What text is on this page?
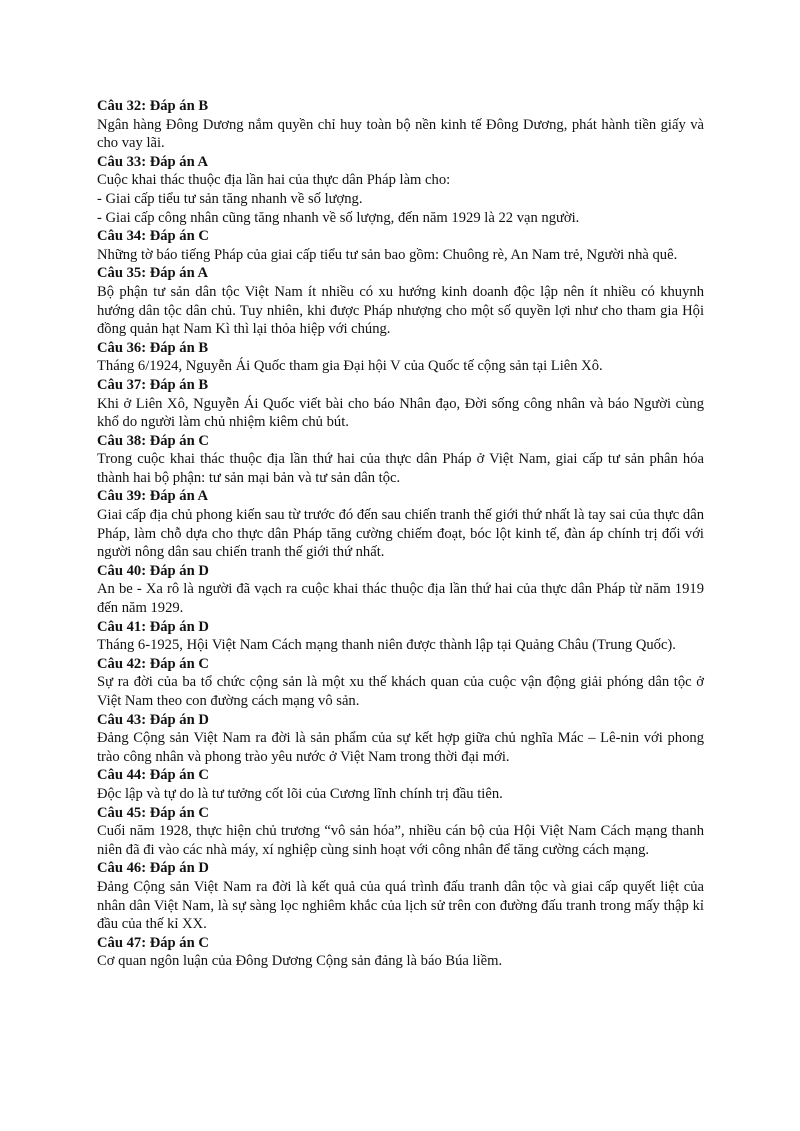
Câu 32: Đáp án B

Ngân hàng Đông Dương nắm quyền chỉ huy toàn bộ nền kinh tế Đông Dương, phát hành tiền giấy và cho vay lãi.

Câu 33: Đáp án A

Cuộc khai thác thuộc địa lần hai của thực dân Pháp làm cho:

- Giai cấp tiểu tư sản tăng nhanh về số lượng.

- Giai cấp công nhân cũng tăng nhanh về số lượng, đến năm 1929 là 22 vạn người.

Câu 34: Đáp án C

Những tờ báo tiếng Pháp của giai cấp tiểu tư sản bao gồm: Chuông rè, An Nam trẻ, Người nhà quê.

Câu 35: Đáp án A

Bộ phận tư sản dân tộc Việt Nam ít nhiều có xu hướng kinh doanh độc lập nên ít nhiều có khuynh hướng dân tộc dân chủ. Tuy nhiên, khi được Pháp nhượng cho một số quyền lợi như cho tham gia Hội đồng quản hạt Nam Kì thì lại thỏa hiệp với chúng.

Câu 36: Đáp án B

Tháng 6/1924, Nguyễn Ái Quốc tham gia Đại hội V của Quốc tế cộng sản tại Liên Xô.

Câu 37: Đáp án B

Khi ở Liên Xô, Nguyễn Ái Quốc viết bài cho báo Nhân đạo, Đời sống công nhân và báo Người cùng khổ do người làm chủ nhiệm kiêm chủ bút.

Câu 38: Đáp án C

Trong cuộc khai thác thuộc địa lần thứ hai của thực dân Pháp ở Việt Nam, giai cấp tư sản phân hóa thành hai bộ phận: tư sản mại bản và tư sản dân tộc.

Câu 39: Đáp án A

Giai cấp địa chủ phong kiến sau từ trước đó đến sau chiến tranh thế giới thứ nhất là tay sai của thực dân Pháp, làm chỗ dựa cho thực dân Pháp tăng cường chiếm đoạt, bóc lột kinh tế, đàn áp chính trị đối với người nông dân sau chiến tranh thế giới thứ nhất.

Câu 40: Đáp án D

An be - Xa rô là người đã vạch ra cuộc khai thác thuộc địa lần thứ hai của thực dân Pháp từ năm 1919 đến năm 1929.

Câu 41: Đáp án D

Tháng 6-1925, Hội Việt Nam Cách mạng thanh niên được thành lập tại Quảng Châu (Trung Quốc).

Câu 42: Đáp án C

Sự ra đời của ba tổ chức cộng sản là một xu thế khách quan của cuộc vận động giải phóng dân tộc ở Việt Nam theo con đường cách mạng vô sản.

Câu 43: Đáp án D

Đảng Cộng sản Việt Nam ra đời là sản phẩm của sự kết hợp giữa chủ nghĩa Mác – Lê-nin với phong trào công nhân và phong trào yêu nước ở Việt Nam trong thời đại mới.

Câu 44: Đáp án C

Độc lập và tự do là tư tưởng cốt lõi của Cương lĩnh chính trị đầu tiên.

Câu 45: Đáp án C

Cuối năm 1928, thực hiện chủ trương “vô sản hóa”, nhiều cán bộ của Hội Việt Nam Cách mạng thanh niên đã đi vào các nhà máy, xí nghiệp cùng sinh hoạt với công nhân để tăng cường cách mạng.

Câu 46: Đáp án D

Đảng Cộng sản Việt Nam ra đời là kết quả của quá trình đấu tranh dân tộc và giai cấp quyết liệt của nhân dân Việt Nam, là sự sàng lọc nghiêm khắc của lịch sử trên con đường đấu tranh trong mấy thập kỉ đầu của thế kỉ XX.

Câu 47: Đáp án C

Cơ quan ngôn luận của Đông Dương Cộng sản đảng là báo Búa liềm.
